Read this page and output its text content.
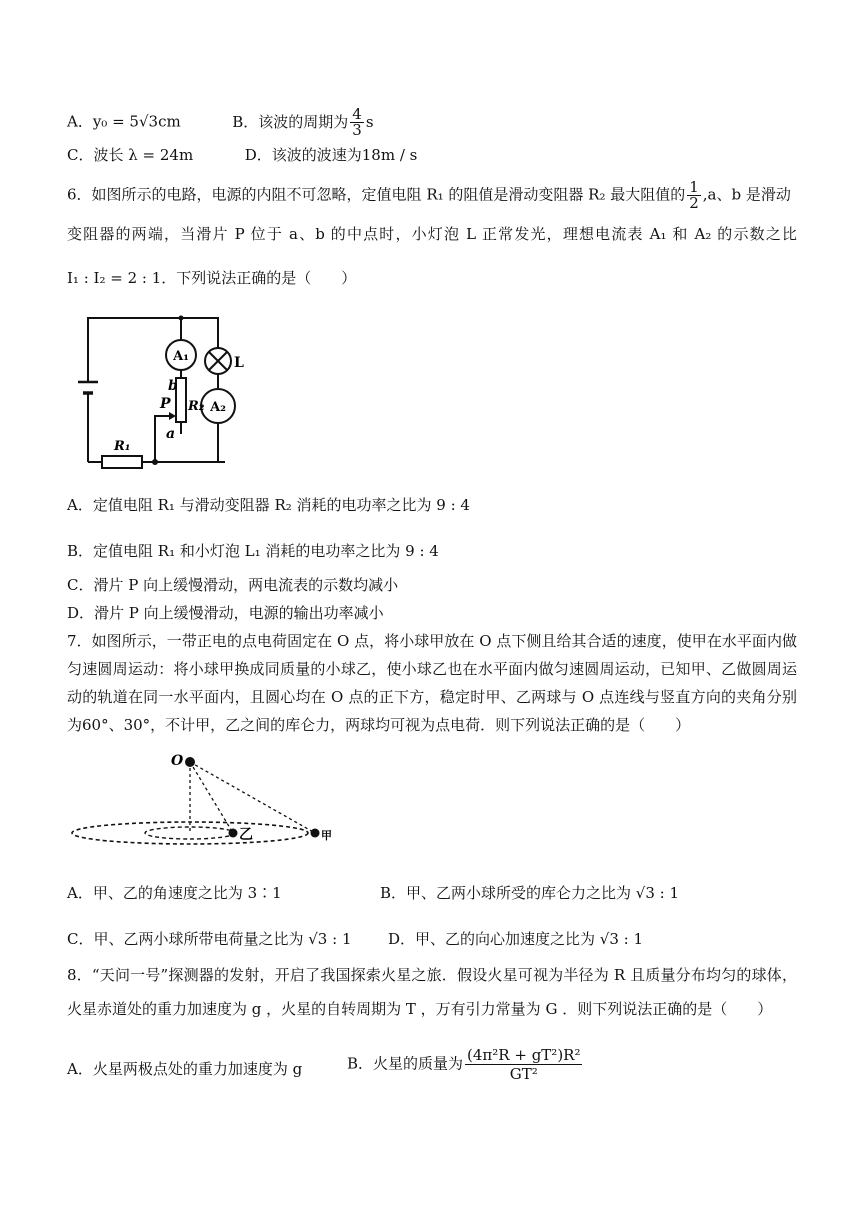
A．y₀ = 5√3cm	B．该波的周期为 $\frac{4}{3}$ s
C．波长 λ = 24m	D．该波的波速为18m / s
6．如图所示的电路，电源的内阻不可忽略，定值电阻 R₁ 的阻值是滑动变阻器 R₂ 最大阻值的 $\frac{1}{2} ,a$、b 是滑动
变阻器的两端，当滑片 P 位于 a、b 的中点时，小灯泡 L 正常发光，理想电流表 A₁ 和 A₂ 的示数之比
I₁ : I₂ = 2 : 1．下列说法正确的是（　　）
A₁	L
A₂
b
P
a
R₂
R₁
A．定值电阻 R₁ 与滑动变阻器 R₂ 消耗的电功率之比为 9 : 4
B．定值电阻 R₁ 和小灯泡 L₁ 消耗的电功率之比为 9 : 4
C．滑片 P 向上缓慢滑动，两电流表的示数均减小
D．滑片 P 向上缓慢滑动，电源的输出功率减小
7．如图所示，一带正电的点电荷固定在 O 点，将小球甲放在 O 点下侧且给其合适的速度，使甲在水平面内做
匀速圆周运动：将小球甲换成同质量的小球乙，使小球乙也在水平面内做匀速圆周运动，已知甲、乙做圆周运
动的轨道在同一水平面内，且圆心均在 O 点的正下方，稳定时甲、乙两球与 O 点连线与竖直方向的夹角分别
为60°、30°，不计甲，乙之间的库仑力，两球均可视为点电荷．则下列说法正确的是（　　）
O
乙	甲
A．甲、乙的角速度之比为 3∶1	B．甲、乙两小球所受的库仑力之比为 √3 : 1
C．甲、乙两小球所带电荷量之比为 √3 : 1 D．甲、乙的向心加速度之比为 √3 : 1
8．“天问一号”探测器的发射，开启了我国探索火星之旅．假设火星可视为半径为 R 且质量分布均匀的球体，
火星赤道处的重力加速度为 g ，火星的自转周期为 T ，万有引力常量为 G ．则下列说法正确的是（　　）
A．火星两极点处的重力加速度为 g	B．火星的质量为 $\frac{\text{(4π²R + gT²)R²}}{\text{GT²}}$
